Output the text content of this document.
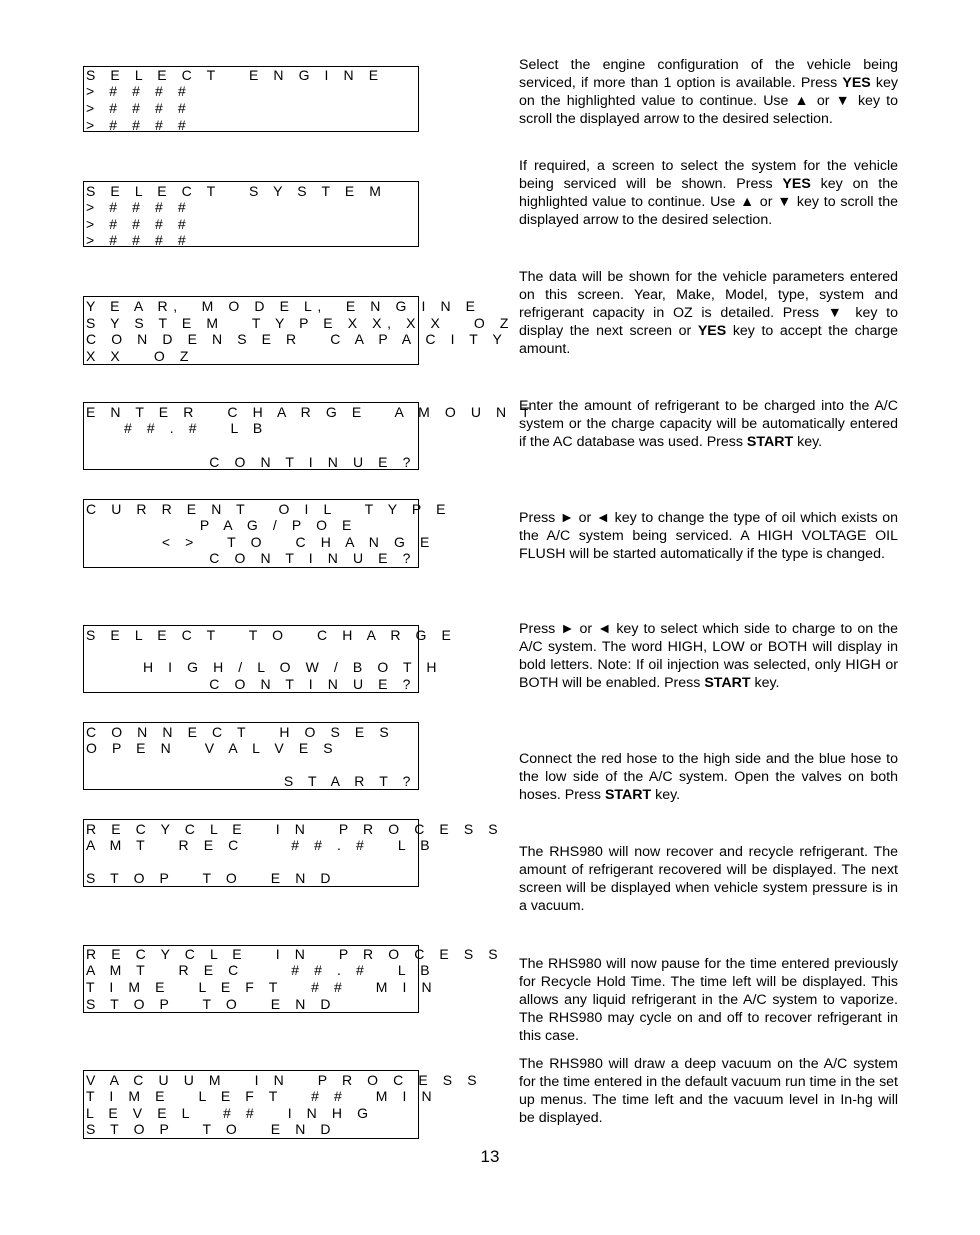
S E L E C T   E N G I N E
> # # # #
> # # # #
> # # # #
S E L E C T   S Y S T E M
> # # # #
> # # # #
> # # # #
Y E A R,  M O D E L,  E N G I N E
S Y S T E M   T Y P E X X, X X   O Z
C O N D E N S E R   C A P A C I T Y
X X   O Z
E N T E R   C H A R G E   A M O U N T
# # . #   L B
C O N T I N U E ?
C U R R E N T   O I L   T Y P E
P A G / P O E
< >   T O   C H A N G E
C O N T I N U E ?
S E L E C T   T O   C H A R G E
H I G H / L O W / B O T H
C O N T I N U E ?
C O N N E C T   H O S E S
O P E N   V A L V E S
S T A R T ?
R E C Y C L E   I N   P R O C E S S
A M T   R E C     # # . #   L B
S T O P   T O   E N D
R E C Y C L E   I N   P R O C E S S
A M T   R E C     # # . #   L B
T I M E   L E F T   # #   M I N
S T O P   T O   E N D
V A C U U M   I N   P R O C E S S
T I M E   L E F T   # #   M I N
L E V E L   # #   I N H G
S T O P   T O   E N D
Select the engine configuration of the vehicle being serviced, if more than 1 option is available. Press YES key on the highlighted value to continue. Use ▲ or ▼ key to scroll the displayed arrow to the desired selection.
If required, a screen to select the system for the vehicle being serviced will be shown. Press YES key on the highlighted value to continue. Use ▲ or ▼ key to scroll the displayed arrow to the desired selection.
The data will be shown for the vehicle parameters entered on this screen. Year, Make, Model, type, system and refrigerant capacity in OZ is detailed. Press ▼ key to display the next screen or YES key to accept the charge amount.
Enter the amount of refrigerant to be charged into the A/C system or the charge capacity will be automatically entered if the AC database was used. Press START key.
Press ► or ◄ key to change the type of oil which exists on the A/C system being serviced. A HIGH VOLTAGE OIL FLUSH will be started automatically if the type is changed.
Press ► or ◄ key to select which side to charge to on the A/C system. The word HIGH, LOW or BOTH will display in bold letters. Note: If oil injection was selected, only HIGH or BOTH will be enabled. Press START key.
Connect the red hose to the high side and the blue hose to the low side of the A/C system. Open the valves on both hoses. Press START key.
The RHS980 will now recover and recycle refrigerant. The amount of refrigerant recovered will be displayed. The next screen will be displayed when vehicle system pressure is in a vacuum.
The RHS980 will now pause for the time entered previously for Recycle Hold Time. The time left will be displayed. This allows any liquid refrigerant in the A/C system to vaporize. The RHS980 may cycle on and off to recover refrigerant in this case.
The RHS980 will draw a deep vacuum on the A/C system for the time entered in the default vacuum run time in the set up menus. The time left and the vacuum level in In-hg will be displayed.
13
